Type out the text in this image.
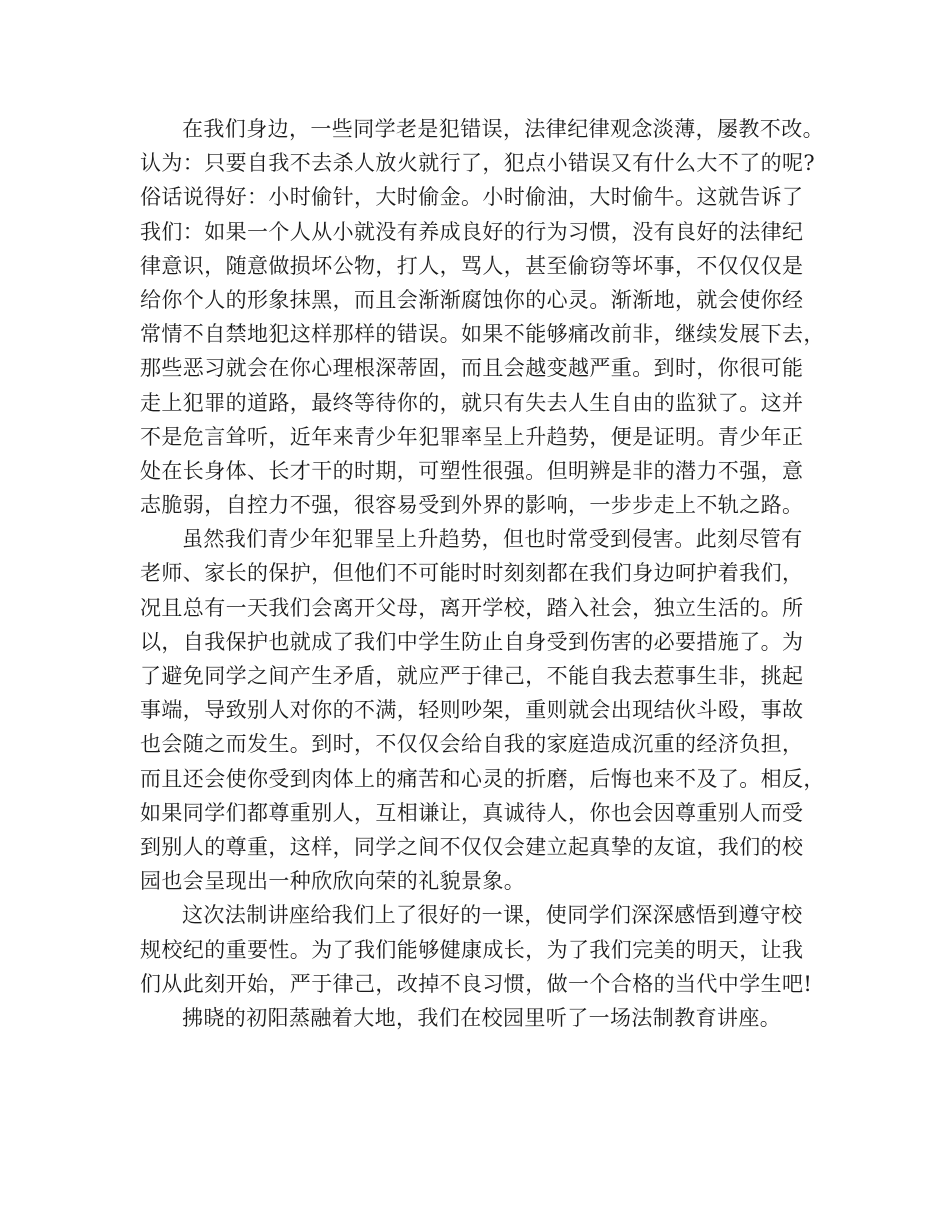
在我们身边，一些同学老是犯错误，法律纪律观念淡薄，屡教不改。
认为：只要自我不去杀人放火就行了，犯点小错误又有什么大不了的呢?
俗话说得好：小时偷针，大时偷金。小时偷油，大时偷牛。这就告诉了
我们：如果一个人从小就没有养成良好的行为习惯，没有良好的法律纪
律意识，随意做损坏公物，打人，骂人，甚至偷窃等坏事，不仅仅仅是
给你个人的形象抹黑，而且会渐渐腐蚀你的心灵。渐渐地，就会使你经
常情不自禁地犯这样那样的错误。如果不能够痛改前非，继续发展下去，
那些恶习就会在你心理根深蒂固，而且会越变越严重。到时，你很可能
走上犯罪的道路，最终等待你的，就只有失去人生自由的监狱了。这并
不是危言耸听，近年来青少年犯罪率呈上升趋势，便是证明。青少年正
处在长身体、长才干的时期，可塑性很强。但明辨是非的潜力不强，意
志脆弱，自控力不强，很容易受到外界的影响，一步步走上不轨之路。
虽然我们青少年犯罪呈上升趋势，但也时常受到侵害。此刻尽管有
老师、家长的保护，但他们不可能时时刻刻都在我们身边呵护着我们，
况且总有一天我们会离开父母，离开学校，踏入社会，独立生活的。所
以，自我保护也就成了我们中学生防止自身受到伤害的必要措施了。为
了避免同学之间产生矛盾，就应严于律己，不能自我去惹事生非，挑起
事端，导致别人对你的不满，轻则吵架，重则就会出现结伙斗殴，事故
也会随之而发生。到时，不仅仅会给自我的家庭造成沉重的经济负担，
而且还会使你受到肉体上的痛苦和心灵的折磨，后悔也来不及了。相反，
如果同学们都尊重别人，互相谦让，真诚待人，你也会因尊重别人而受
到别人的尊重，这样，同学之间不仅仅会建立起真挚的友谊，我们的校
园也会呈现出一种欣欣向荣的礼貌景象。
这次法制讲座给我们上了很好的一课，使同学们深深感悟到遵守校
规校纪的重要性。为了我们能够健康成长，为了我们完美的明天，让我
们从此刻开始，严于律己，改掉不良习惯，做一个合格的当代中学生吧!
拂晓的初阳蒸融着大地，我们在校园里听了一场法制教育讲座。
